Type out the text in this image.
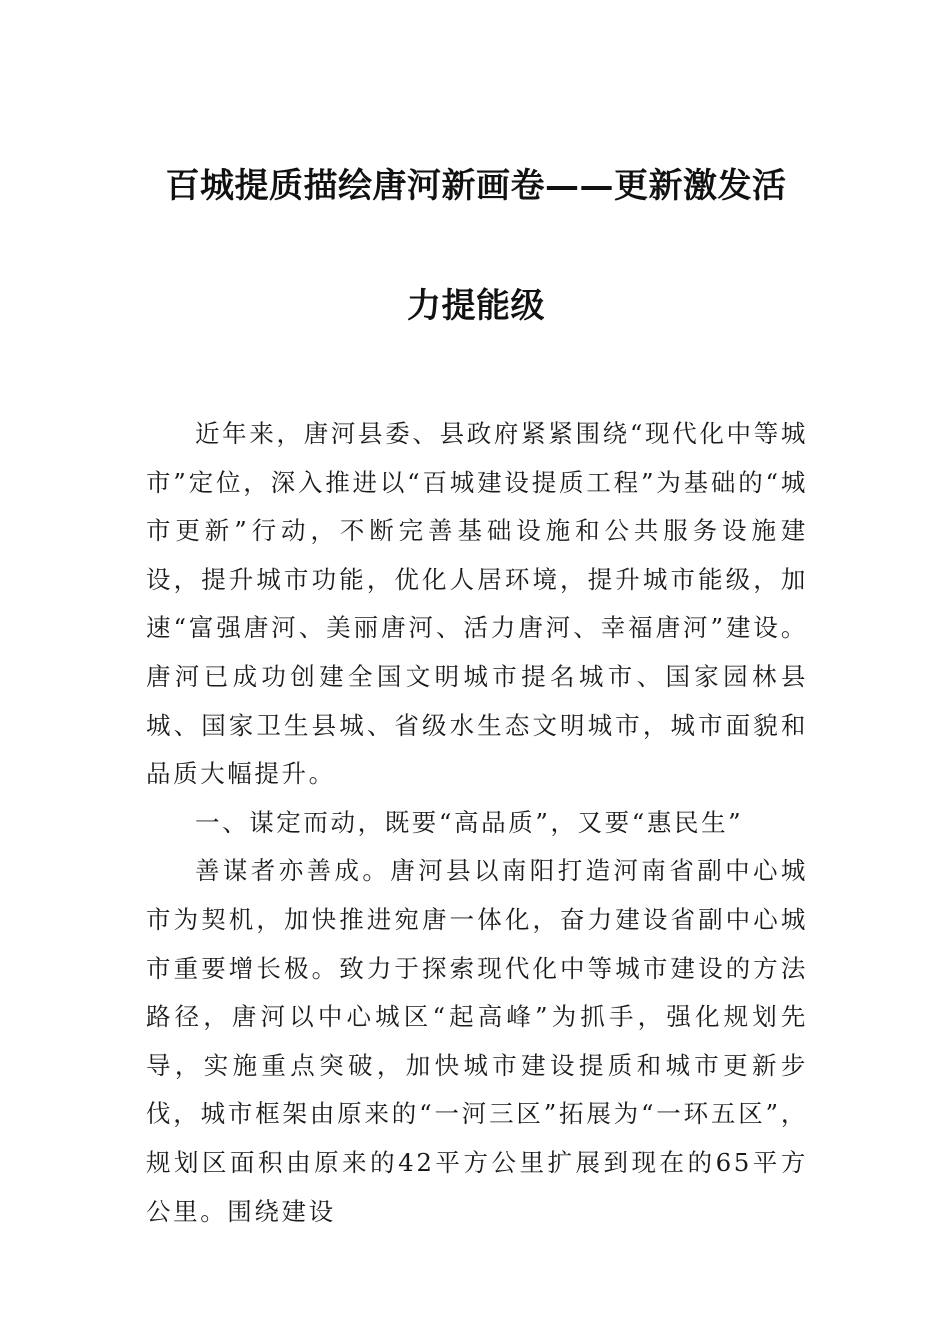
百城提质描绘唐河新画卷——更新激发活
力提能级

近年来，唐河县委、县政府紧紧围绕“现代化中等城市”定位，深入推进以“百城建设提质工程”为基础的“城市更新”行动，不断完善基础设施和公共服务设施建设，提升城市功能，优化人居环境，提升城市能级，加速“富强唐河、美丽唐河、活力唐河、幸福唐河”建设。唐河已成功创建全国文明城市提名城市、国家园林县城、国家卫生县城、省级水生态文明城市，城市面貌和品质大幅提升。

一、谋定而动，既要“高品质”，又要“惠民生”

善谋者亦善成。唐河县以南阳打造河南省副中心城市为契机，加快推进宛唐一体化，奋力建设省副中心城市重要增长极。致力于探索现代化中等城市建设的方法路径，唐河以中心城区“起高峰”为抓手，强化规划先导，实施重点突破，加快城市建设提质和城市更新步伐，城市框架由原来的“一河三区”拓展为“一环五区”，规划区面积由原来的42平方公里扩展到现在的65平方公里。围绕建设
